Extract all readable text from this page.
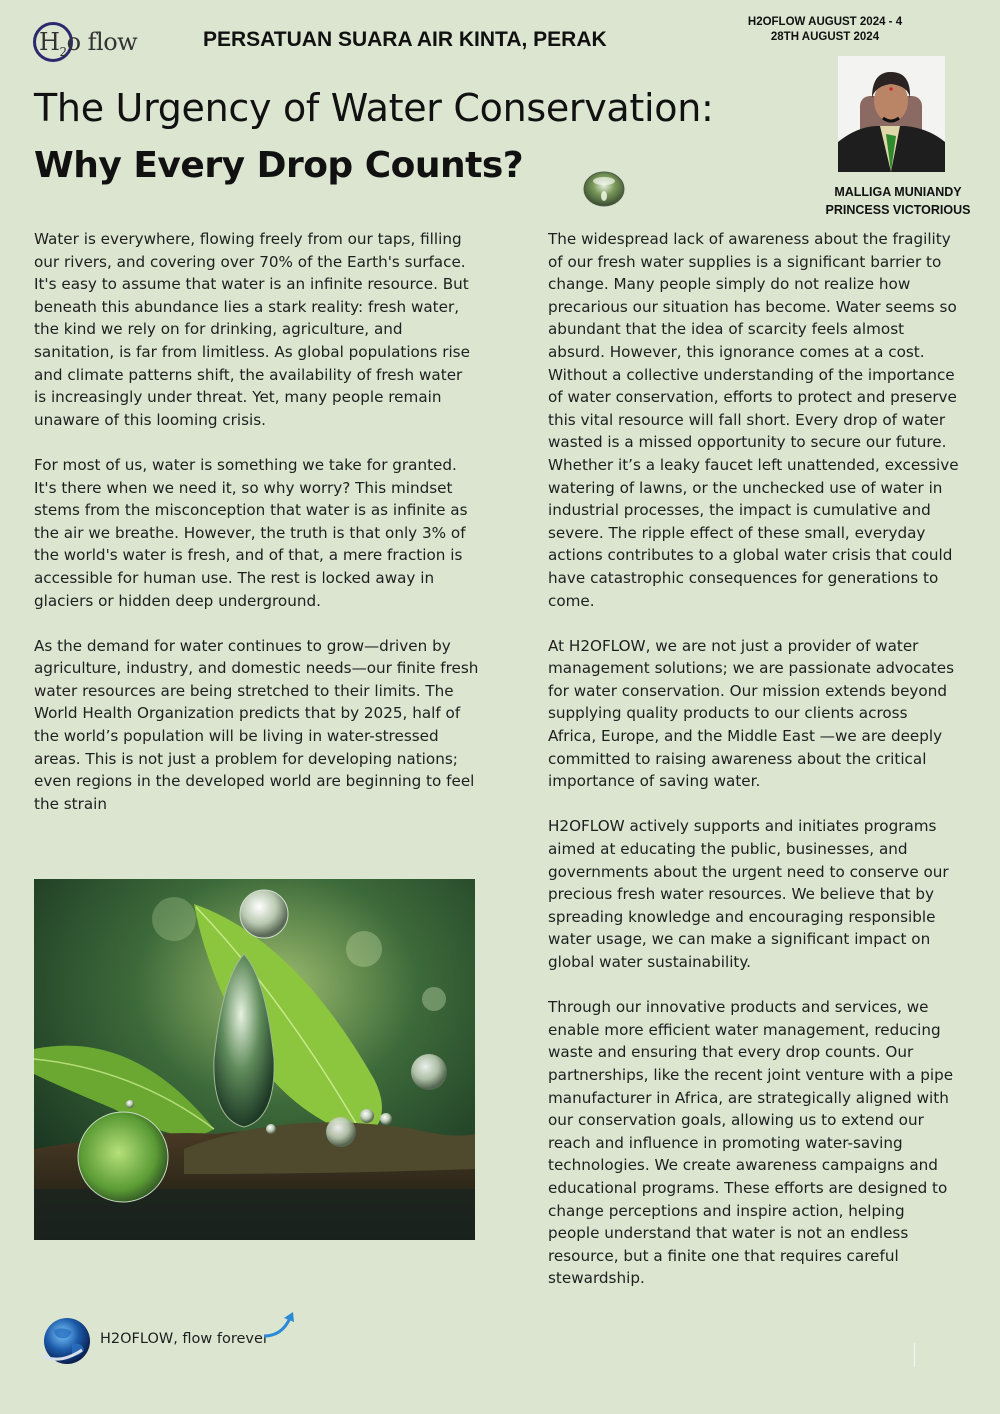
$H_2o$ flow	PERSATUAN SUARA AIR KINTA, PERAK
H2OFLOW AUGUST 2024 - 4
28TH AUGUST 2024
MALLIGA MUNIANDY
PRINCESS VICTORIOUS
The Urgency of Water Conservation:
Why Every Drop Counts?

Water is everywhere, flowing freely from our taps, filling our rivers, and covering over 70% of the Earth's surface. It's easy to assume that water is an infinite resource. But beneath this abundance lies a stark reality: fresh water, the kind we rely on for drinking, agriculture, and sanitation, is far from limitless. As global populations rise and climate patterns shift, the availability of fresh water is increasingly under threat. Yet, many people remain unaware of this looming crisis.

For most of us, water is something we take for granted. It's there when we need it, so why worry? This mindset stems from the misconception that water is as infinite as the air we breathe. However, the truth is that only 3% of the world's water is fresh, and of that, a mere fraction is accessible for human use. The rest is locked away in glaciers or hidden deep underground.

As the demand for water continues to grow—driven by agriculture, industry, and domestic needs—our finite fresh water resources are being stretched to their limits. The World Health Organization predicts that by 2025, half of the world’s population will be living in water-stressed areas. This is not just a problem for developing nations; even regions in the developed world are beginning to feel the strain

The widespread lack of awareness about the fragility of our fresh water supplies is a significant barrier to change. Many people simply do not realize how precarious our situation has become. Water seems so abundant that the idea of scarcity feels almost absurd. However, this ignorance comes at a cost. Without a collective understanding of the importance of water conservation, efforts to protect and preserve this vital resource will fall short. Every drop of water wasted is a missed opportunity to secure our future. Whether it’s a leaky faucet left unattended, excessive watering of lawns, or the unchecked use of water in industrial processes, the impact is cumulative and severe. The ripple effect of these small, everyday actions contributes to a global water crisis that could have catastrophic consequences for generations to come.

At H2OFLOW, we are not just a provider of water management solutions; we are passionate advocates for water conservation. Our mission extends beyond supplying quality products to our clients across Africa, Europe, and the Middle East —we are deeply committed to raising awareness about the critical importance of saving water.

H2OFLOW actively supports and initiates programs aimed at educating the public, businesses, and governments about the urgent need to conserve our precious fresh water resources. We believe that by spreading knowledge and encouraging responsible water usage, we can make a significant impact on global water sustainability.

Through our innovative products and services, we enable more efficient water management, reducing waste and ensuring that every drop counts. Our partnerships, like the recent joint venture with a pipe manufacturer in Africa, are strategically aligned with our conservation goals, allowing us to extend our reach and influence in promoting water-saving technologies. We create awareness campaigns and educational programs. These efforts are designed to change perceptions and inspire action, helping people understand that water is not an endless resource, but a finite one that requires careful stewardship.

H2OFLOW, flow forever
